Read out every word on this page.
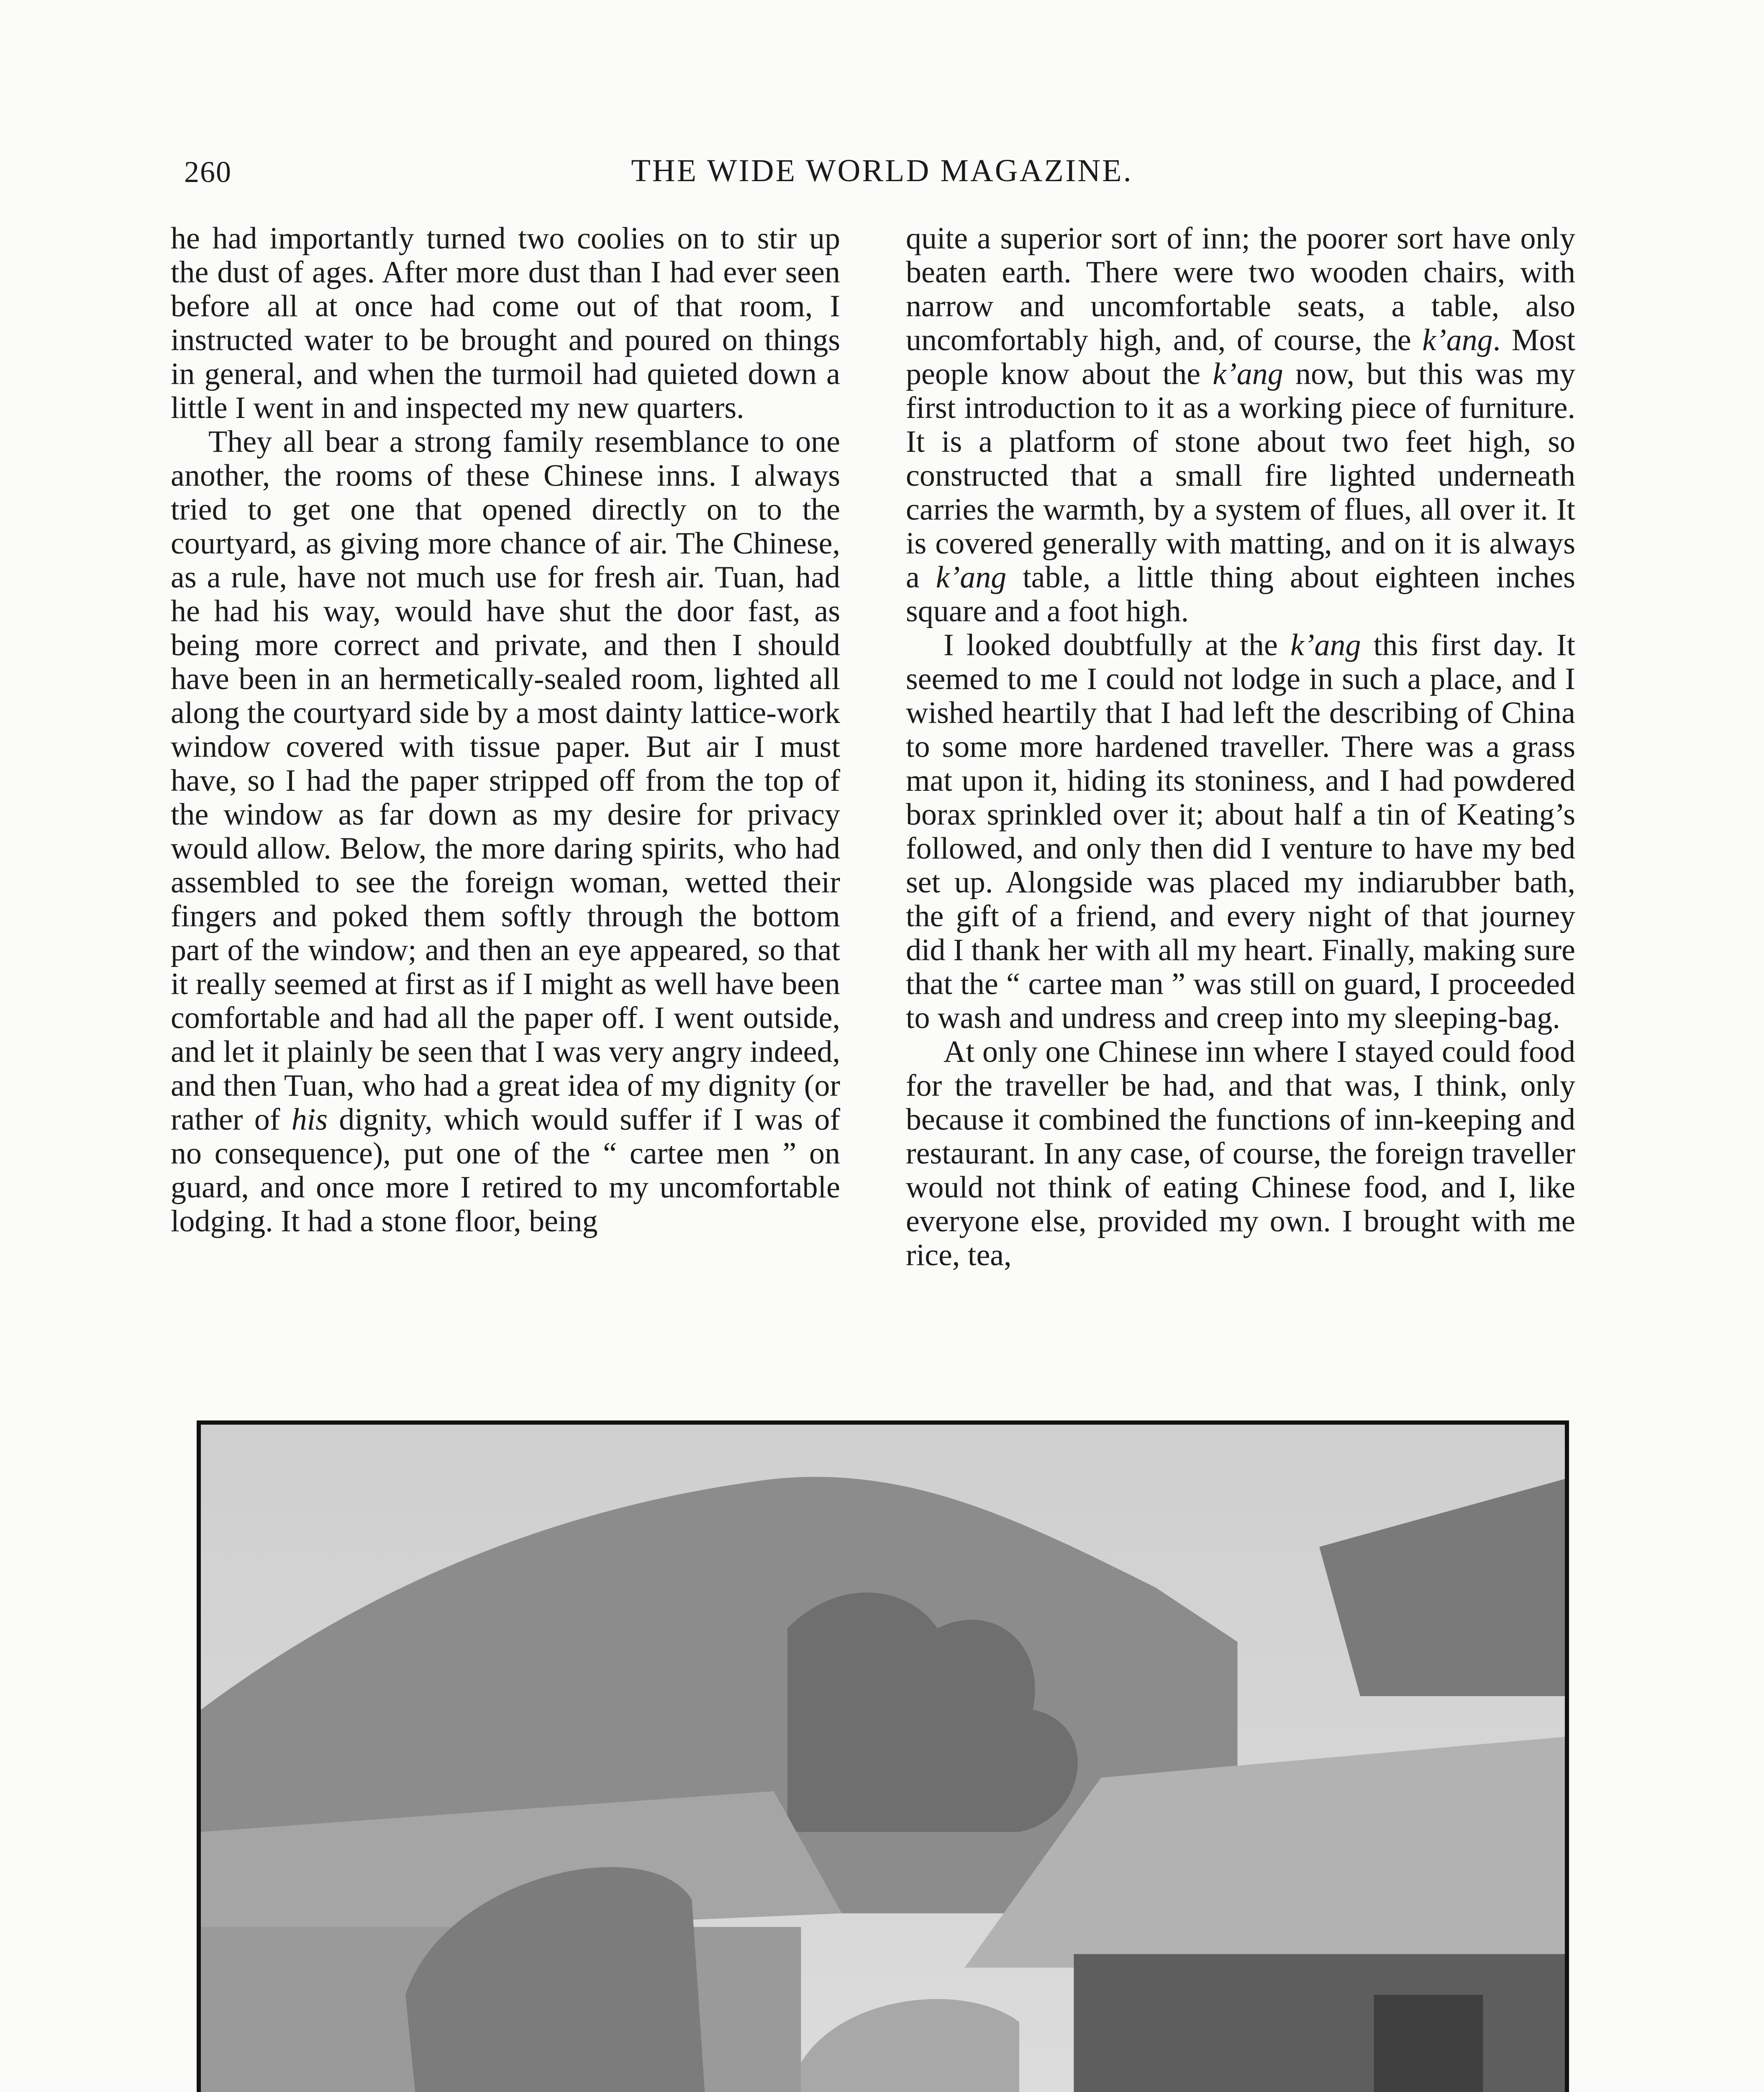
260	THE WIDE WORLD MAGAZINE.

he had importantly turned two coolies on to stir up the dust of ages. After more dust than I had ever seen before all at once had come out of that room, I instructed water to be brought and poured on things in general, and when the turmoil had quieted down a little I went in and inspected my new quarters.

They all bear a strong family resemblance to one another, the rooms of these Chinese inns. I always tried to get one that opened directly on to the courtyard, as giving more chance of air. The Chinese, as a rule, have not much use for fresh air. Tuan, had he had his way, would have shut the door fast, as being more correct and private, and then I should have been in an hermetically-sealed room, lighted all along the courtyard side by a most dainty lattice-work window covered with tissue paper. But air I must have, so I had the paper stripped off from the top of the window as far down as my desire for privacy would allow. Below, the more daring spirits, who had assembled to see the foreign woman, wetted their fingers and poked them softly through the bottom part of the window; and then an eye appeared, so that it really seemed at first as if I might as well have been comfortable and had all the paper off. I went outside, and let it plainly be seen that I was very angry indeed, and then Tuan, who had a great idea of my dignity (or rather of his dignity, which would suffer if I was of no consequence), put one of the “ cartee men ” on guard, and once more I retired to my uncomfortable lodging. It had a stone floor, being

quite a superior sort of inn; the poorer sort have only beaten earth. There were two wooden chairs, with narrow and uncomfortable seats, a table, also uncomfortably high, and, of course, the k’ang. Most people know about the k’ang now, but this was my first introduction to it as a working piece of furniture. It is a platform of stone about two feet high, so constructed that a small fire lighted underneath carries the warmth, by a system of flues, all over it. It is covered generally with matting, and on it is always a k’ang table, a little thing about eighteen inches square and a foot high.

I looked doubtfully at the k’ang this first day. It seemed to me I could not lodge in such a place, and I wished heartily that I had left the describing of China to some more hardened traveller. There was a grass mat upon it, hiding its stoniness, and I had powdered borax sprinkled over it; about half a tin of Keating’s followed, and only then did I venture to have my bed set up. Alongside was placed my indiarubber bath, the gift of a friend, and every night of that journey did I thank her with all my heart. Finally, making sure that the “ cartee man ” was still on guard, I proceeded to wash and undress and creep into my sleeping-bag.

At only one Chinese inn where I stayed could food for the traveller be had, and that was, I think, only because it combined the functions of inn-keeping and restaurant. In any case, of course, the foreign traveller would not think of eating Chinese food, and I, like everyone else, provided my own. I brought with me rice, tea,
